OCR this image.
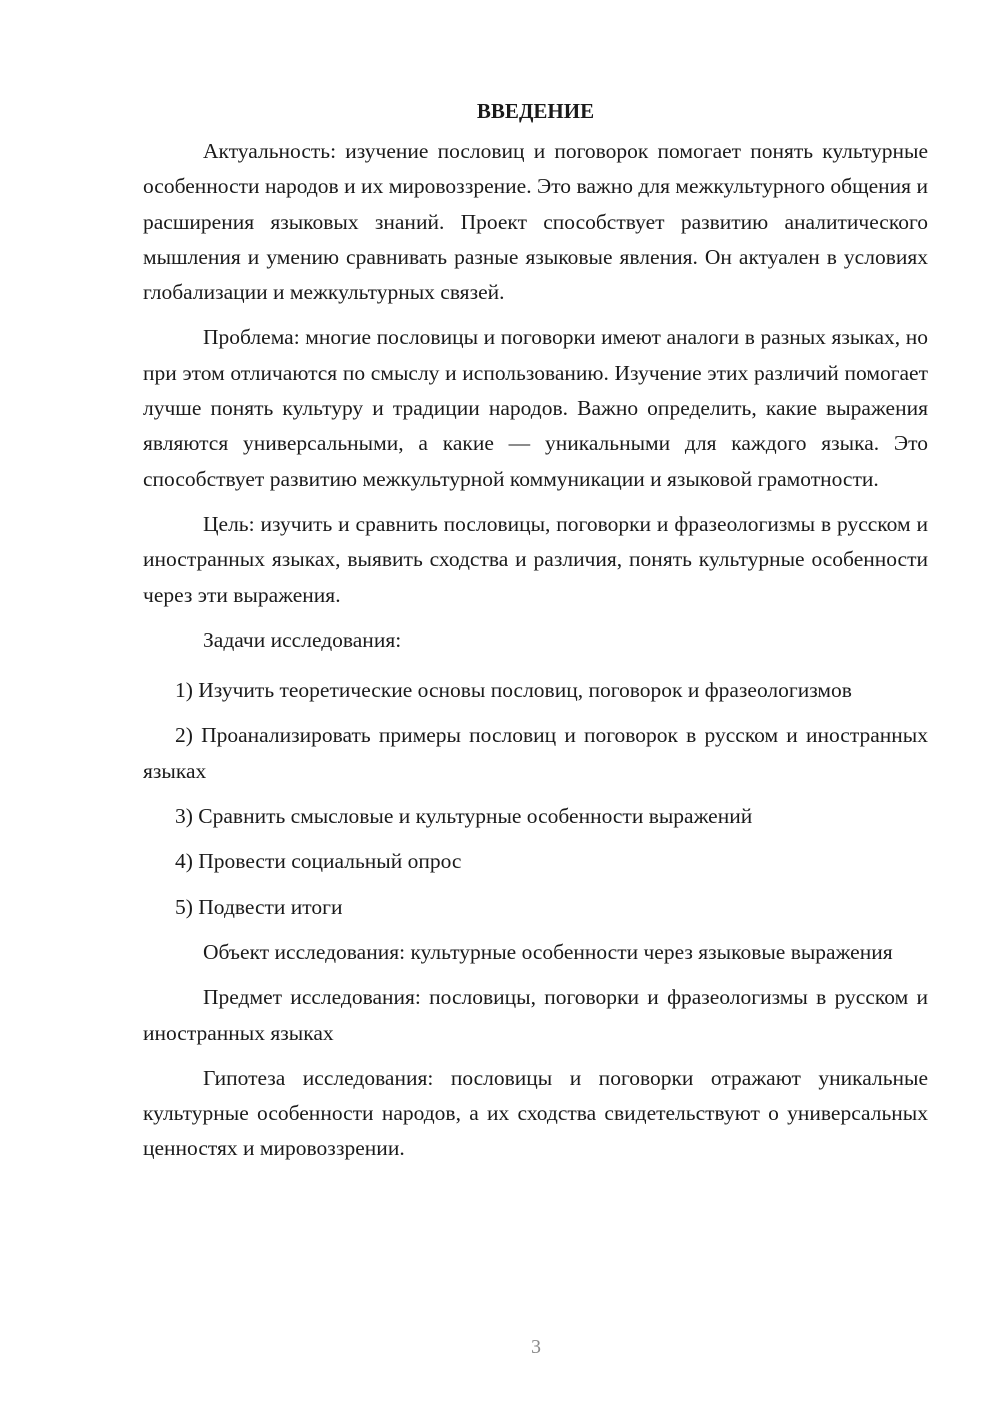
ВВЕДЕНИЕ

Актуальность: изучение пословиц и поговорок помогает понять культурные особенности народов и их мировоззрение. Это важно для межкультурного общения и расширения языковых знаний. Проект способствует развитию аналитического мышления и умению сравнивать разные языковые явления. Он актуален в условиях глобализации и межкультурных связей.

Проблема: многие пословицы и поговорки имеют аналоги в разных языках, но при этом отличаются по смыслу и использованию. Изучение этих различий помогает лучше понять культуру и традиции народов. Важно определить, какие выражения являются универсальными, а какие — уникальными для каждого языка. Это способствует развитию межкультурной коммуникации и языковой грамотности.

Цель: изучить и сравнить пословицы, поговорки и фразеологизмы в русском и иностранных языках, выявить сходства и различия, понять культурные особенности через эти выражения.

Задачи исследования:

1) Изучить теоретические основы пословиц, поговорок и фразеологизмов

2) Проанализировать примеры пословиц и поговорок в русском и иностранных языках

3) Сравнить смысловые и культурные особенности выражений

4) Провести социальный опрос

5) Подвести итоги

Объект исследования: культурные особенности через языковые выражения

Предмет исследования: пословицы, поговорки и фразеологизмы в русском и иностранных языках

Гипотеза исследования: пословицы и поговорки отражают уникальные культурные особенности народов, а их сходства свидетельствуют о универсальных ценностях и мировоззрении.

3
